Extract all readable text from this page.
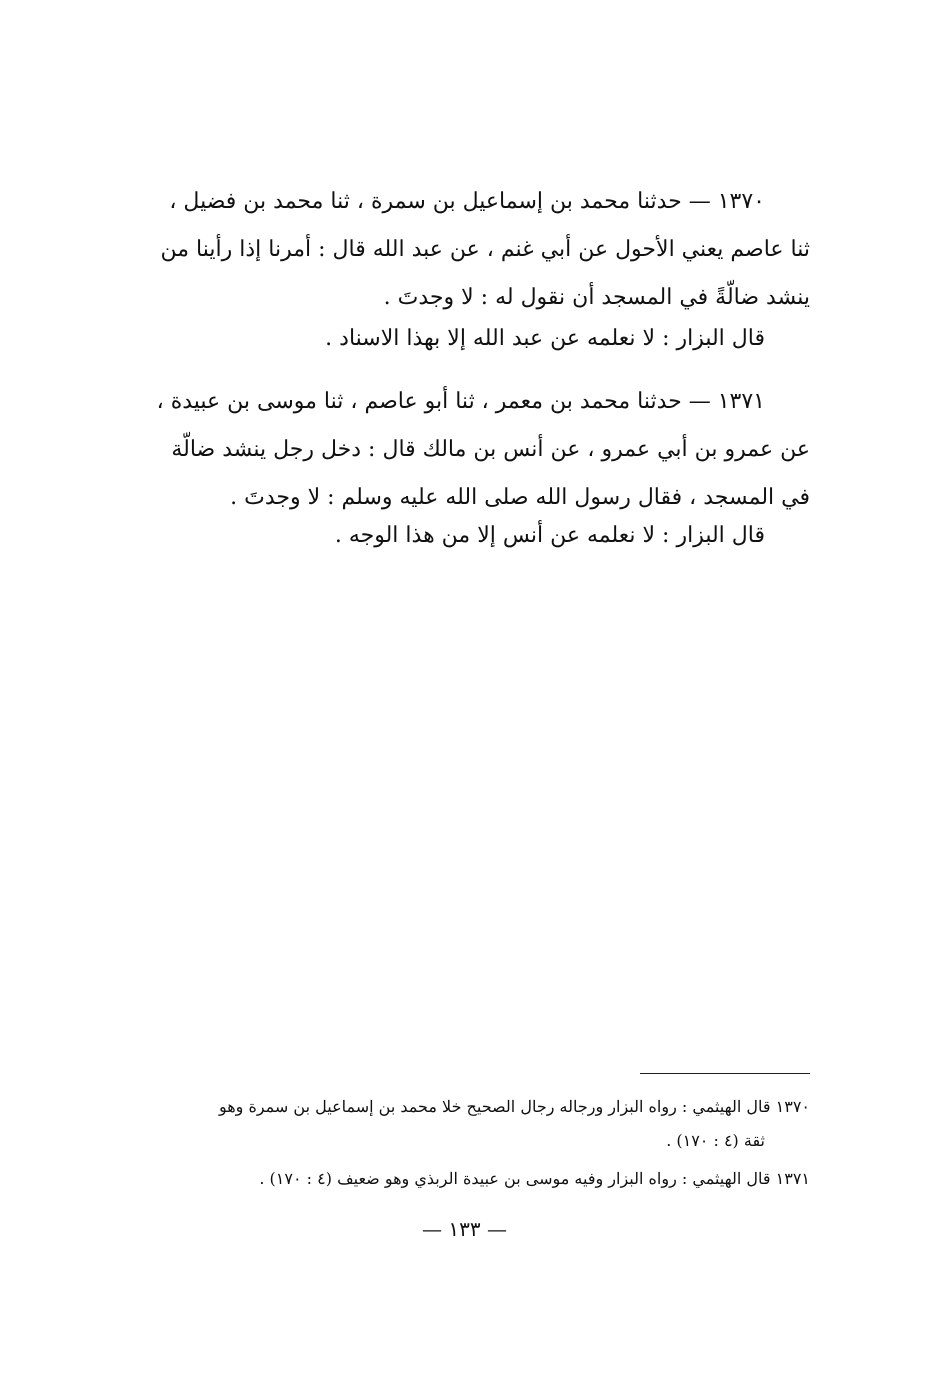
١٣٧٠ — حدثنا محمد بن إسماعيل بن سمرة ، ثنا محمد بن فضيل ،
ثنا عاصم يعني الأحول عن أبي غنم ، عن عبد الله قال : أمرنا إذا رأينا من
ينشد ضالّةً في المسجد أن نقول له : لا وجدتَ .
قال البزار : لا نعلمه عن عبد الله إلا بهذا الاسناد .
١٣٧١ — حدثنا محمد بن معمر ، ثنا أبو عاصم ، ثنا موسى بن عبيدة ،
عن عمرو بن أبي عمرو ، عن أنس بن مالك قال : دخل رجل ينشد ضالّة
في المسجد ، فقال رسول الله صلى الله عليه وسلم : لا وجدتَ .
قال البزار : لا نعلمه عن أنس إلا من هذا الوجه .
١٣٧٠ قال الهيثمي : رواه البزار ورجاله رجال الصحيح خلا محمد بن إسماعيل بن سمرة وهو
ثقة (٤ : ١٧٠) .
١٣٧١ قال الهيثمي : رواه البزار وفيه موسى بن عبيدة الربذي وهو ضعيف (٤ : ١٧٠) .
— ١٣٣ —
